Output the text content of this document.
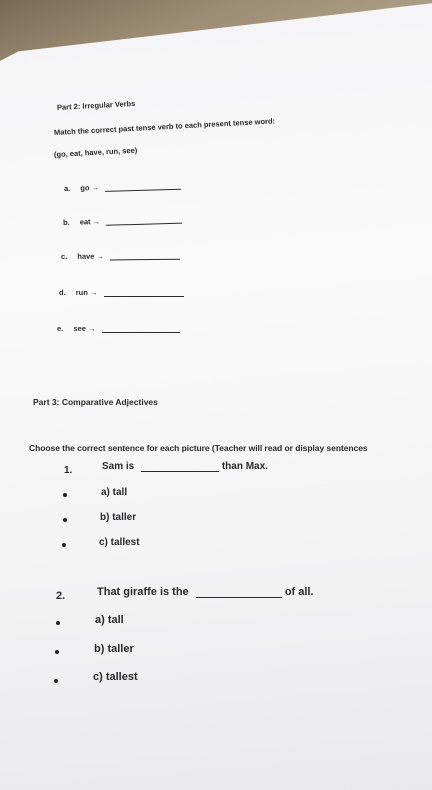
Part 2: Irregular Verbs
Match the correct past tense verb to each present tense word:
(go, eat, have, run, see)
a. go →
b. eat →
c. have →
d. run →
e. see →
Part 3: Comparative Adjectives
Choose the correct sentence for each picture (Teacher will read or display sentences
1.	Sam is	than Max.
a) tall
b) taller
c) tallest
2.	That giraffe is the	of all.
a) tall
b) taller
c) tallest
